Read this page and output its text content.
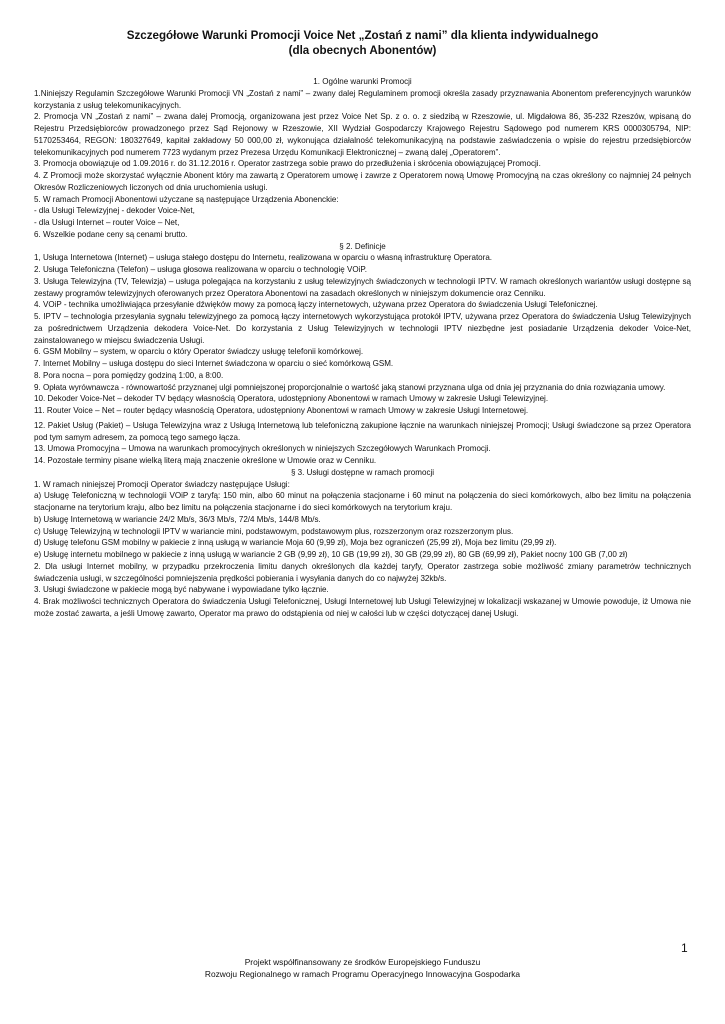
Szczegółowe Warunki Promocji Voice Net „Zostań z nami” dla klienta indywidualnego
(dla obecnych Abonentów)

1. Ogólne warunki Promocji

1.Niniejszy Regulamin Szczegółowe Warunki Promocji VN „Zostań z nami” – zwany dalej Regulaminem promocji określa zasady przyznawania Abonentom preferencyjnych warunków korzystania z usług telekomunikacyjnych.

2. Promocja VN „Zostań z nami” – zwana dalej Promocją, organizowana jest przez Voice Net Sp. z o. o. z siedzibą w Rzeszowie, ul. Migdałowa 86, 35-232 Rzeszów, wpisaną do Rejestru Przedsiębiorców prowadzonego przez Sąd Rejonowy w Rzeszowie, XII Wydział Gospodarczy Krajowego Rejestru Sądowego pod numerem KRS 0000305794, NIP: 5170253464, REGON: 180327649, kapitał zakładowy 50 000,00 zł, wykonująca działalność telekomunikacyjną na podstawie zaświadczenia o wpisie do rejestru przedsiębiorców telekomunikacyjnych pod numerem 7723 wydanym przez Prezesa Urzędu Komunikacji Elektronicznej – zwaną dalej „Operatorem”.

3. Promocja obowiązuje od 1.09.2016 r. do 31.12.2016 r. Operator zastrzega sobie prawo do przedłużenia i skrócenia obowiązującej Promocji.

4. Z Promocji może skorzystać wyłącznie Abonent który ma zawartą z Operatorem umowę i zawrze z Operatorem nową Umowę Promocyjną na czas określony co najmniej 24 pełnych Okresów Rozliczeniowych liczonych od dnia uruchomienia usługi.

5. W ramach Promocji Abonentowi użyczane są następujące Urządzenia Abonenckie:

- dla Usługi Telewizyjnej - dekoder Voice-Net,

- dla Usługi Internet – router Voice – Net,

6. Wszelkie podane ceny są cenami brutto.

§ 2. Definicje

1, Usługa Internetowa (Internet) – usługa stałego dostępu do Internetu, realizowana w oparciu o własną infrastrukturę Operatora.

2. Usługa Telefoniczna (Telefon) – usługa głosowa realizowana w oparciu o technologię VOiP.

3. Usługa Telewizyjna (TV, Telewizja) – usługa polegająca na korzystaniu z usług telewizyjnych świadczonych w technologii IPTV. W ramach określonych wariantów usługi dostępne są zestawy programów telewizyjnych oferowanych przez Operatora Abonentowi na zasadach określonych w niniejszym dokumencie oraz Cenniku.

4. VOiP - technika umożliwiająca przesyłanie dźwięków mowy za pomocą łączy internetowych, używana przez Operatora do świadczenia Usługi Telefonicznej.

5. IPTV – technologia przesyłania sygnału telewizyjnego za pomocą łączy internetowych wykorzystująca protokół IPTV, używana przez Operatora do świadczenia Usług Telewizyjnych za pośrednictwem Urządzenia dekodera Voice-Net. Do korzystania z Usług Telewizyjnych w technologii IPTV niezbędne jest posiadanie Urządzenia dekoder Voice-Net, zainstalowanego w miejscu świadczenia Usługi.

6. GSM Mobilny – system, w oparciu o który Operator świadczy usługę telefonii komórkowej.

7. Internet Mobilny – usługa dostępu do sieci Internet świadczona w oparciu o sieć komórkową GSM.

8. Pora nocna – pora pomiędzy godziną 1:00, a 8:00.

9. Opłata wyrównawcza - równowartość przyznanej ulgi pomniejszonej proporcjonalnie o wartość jaką stanowi przyznana ulga od dnia jej przyznania do dnia rozwiązania umowy.

10. Dekoder Voice-Net – dekoder TV będący własnością Operatora, udostępniony Abonentowi w ramach Umowy w zakresie Usługi Telewizyjnej.

11. Router Voice – Net – router będący własnością Operatora, udostępniony Abonentowi w ramach Umowy w zakresie Usługi Internetowej.

12. Pakiet Usług (Pakiet) – Usługa Telewizyjna wraz z Usługą Internetową lub telefoniczną zakupione łącznie na warunkach niniejszej Promocji; Usługi świadczone są przez Operatora pod tym samym adresem, za pomocą tego samego łącza.

13. Umowa Promocyjna – Umowa na warunkach promocyjnych określonych w niniejszych Szczegółowych Warunkach Promocji.

14. Pozostałe terminy pisane wielką literą mają znaczenie określone w Umowie oraz w Cenniku.

§ 3. Usługi dostępne w ramach promocji

1. W ramach niniejszej Promocji Operator świadczy następujące Usługi:

a) Usługę Telefoniczną w technologii VOiP z taryfą: 150 min, albo 60 minut na połączenia stacjonarne i 60 minut na połączenia do sieci komórkowych, albo bez limitu na połączenia stacjonarne na terytorium kraju, albo bez limitu na połączenia stacjonarne i do sieci komórkowych na terytorium kraju.

b) Usługę Internetową w wariancie 24/2 Mb/s, 36/3 Mb/s, 72/4 Mb/s, 144/8 Mb/s.

c) Usługę Telewizyjną w technologii IPTV w wariancie mini, podstawowym, podstawowym plus, rozszerzonym oraz rozszerzonym plus.

d) Usługę telefonu GSM mobilny w pakiecie z inną usługą w wariancie Moja 60 (9,99 zł), Moja bez ograniczeń (25,99 zł), Moja bez limitu (29,99 zł).

e) Usługę internetu mobilnego w pakiecie z inną usługą w wariancie 2 GB (9,99 zł), 10 GB (19,99 zł), 30 GB (29,99 zł), 80 GB (69,99 zł), Pakiet nocny 100 GB (7,00 zł)

2. Dla usługi Internet mobilny, w przypadku przekroczenia limitu danych określonych dla każdej taryfy, Operator zastrzega sobie możliwość zmiany parametrów technicznych świadczenia usługi, w szczególności pomniejszenia prędkości pobierania i wysyłania danych do co najwyżej 32kb/s.

3. Usługi świadczone w pakiecie mogą być nabywane i wypowiadane tylko łącznie.

4. Brak możliwości technicznych Operatora do świadczenia Usługi Telefonicznej, Usługi Internetowej lub Usługi Telewizyjnej w lokalizacji wskazanej w Umowie powoduje, iż Umowa nie może zostać zawarta, a jeśli Umowę zawarto, Operator ma prawo do odstąpienia od niej w całości lub w części dotyczącej danej Usługi.

1
Projekt współfinansowany ze środków Europejskiego Funduszu
Rozwoju Regionalnego w ramach Programu Operacyjnego Innowacyjna Gospodarka
